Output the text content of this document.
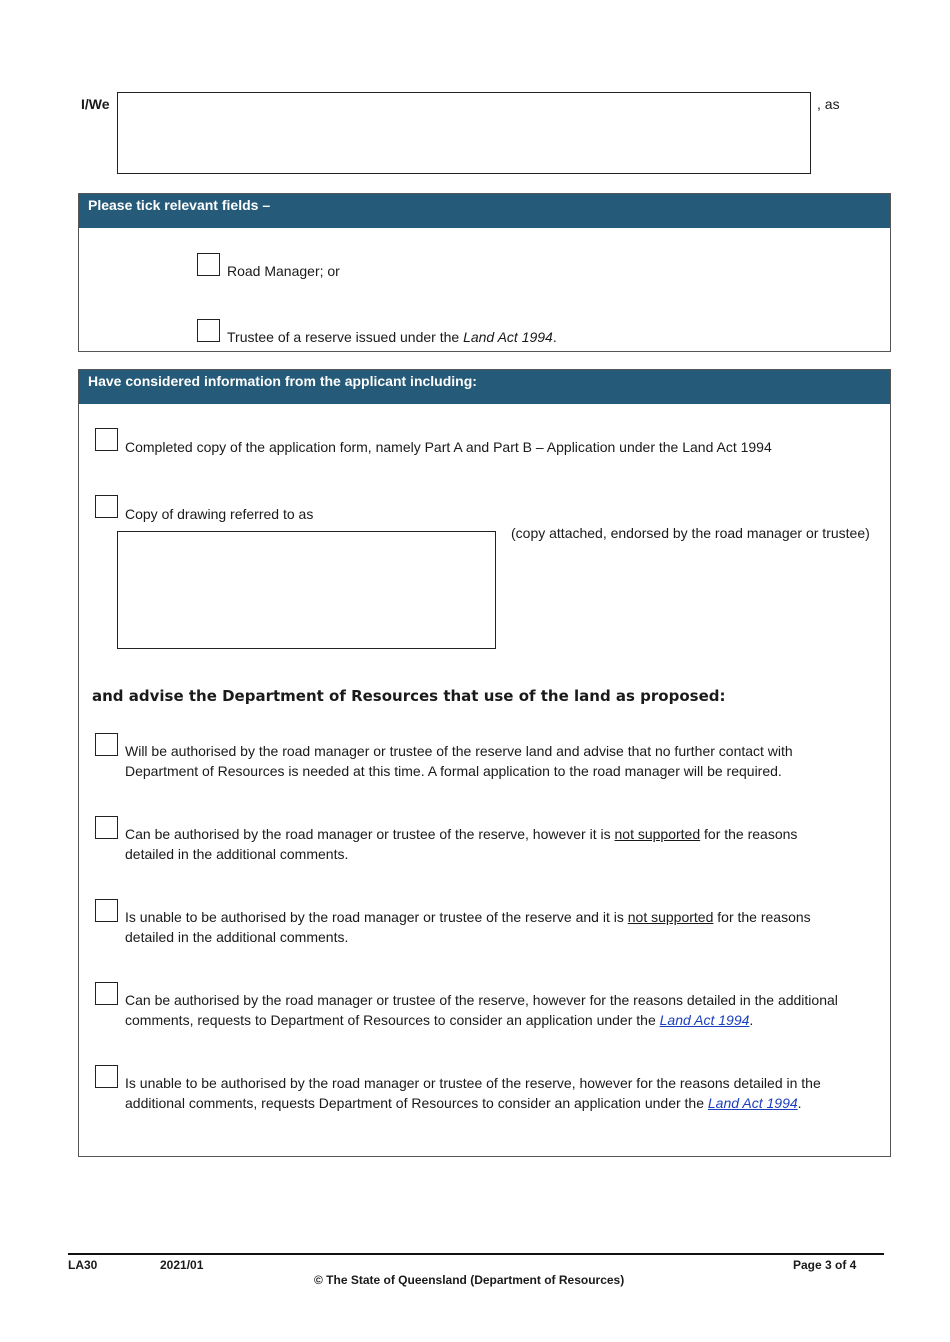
I/We	, as
Please tick relevant fields –
Road Manager; or
Trustee of a reserve issued under the Land Act 1994.
Have considered information from the applicant including:
Completed copy of the application form, namely Part A and Part B – Application under the Land Act 1994
Copy of drawing referred to as
(copy attached, endorsed by the road manager or trustee)
and advise the Department of Resources that use of the land as proposed:
Will be authorised by the road manager or trustee of the reserve land and advise that no further contact with
Department of Resources is needed at this time. A formal application to the road manager will be required.
Can be authorised by the road manager or trustee of the reserve, however it is not supported for the reasons
detailed in the additional comments.
Is unable to be authorised by the road manager or trustee of the reserve and it is not supported for the reasons
detailed in the additional comments.
Can be authorised by the road manager or trustee of the reserve, however for the reasons detailed in the additional
comments, requests to Department of Resources to consider an application under the Land Act 1994.
Is unable to be authorised by the road manager or trustee of the reserve, however for the reasons detailed in the
additional comments, requests Department of Resources to consider an application under the Land Act 1994.
LA30	2021/01	Page 3 of 4
© The State of Queensland (Department of Resources)
